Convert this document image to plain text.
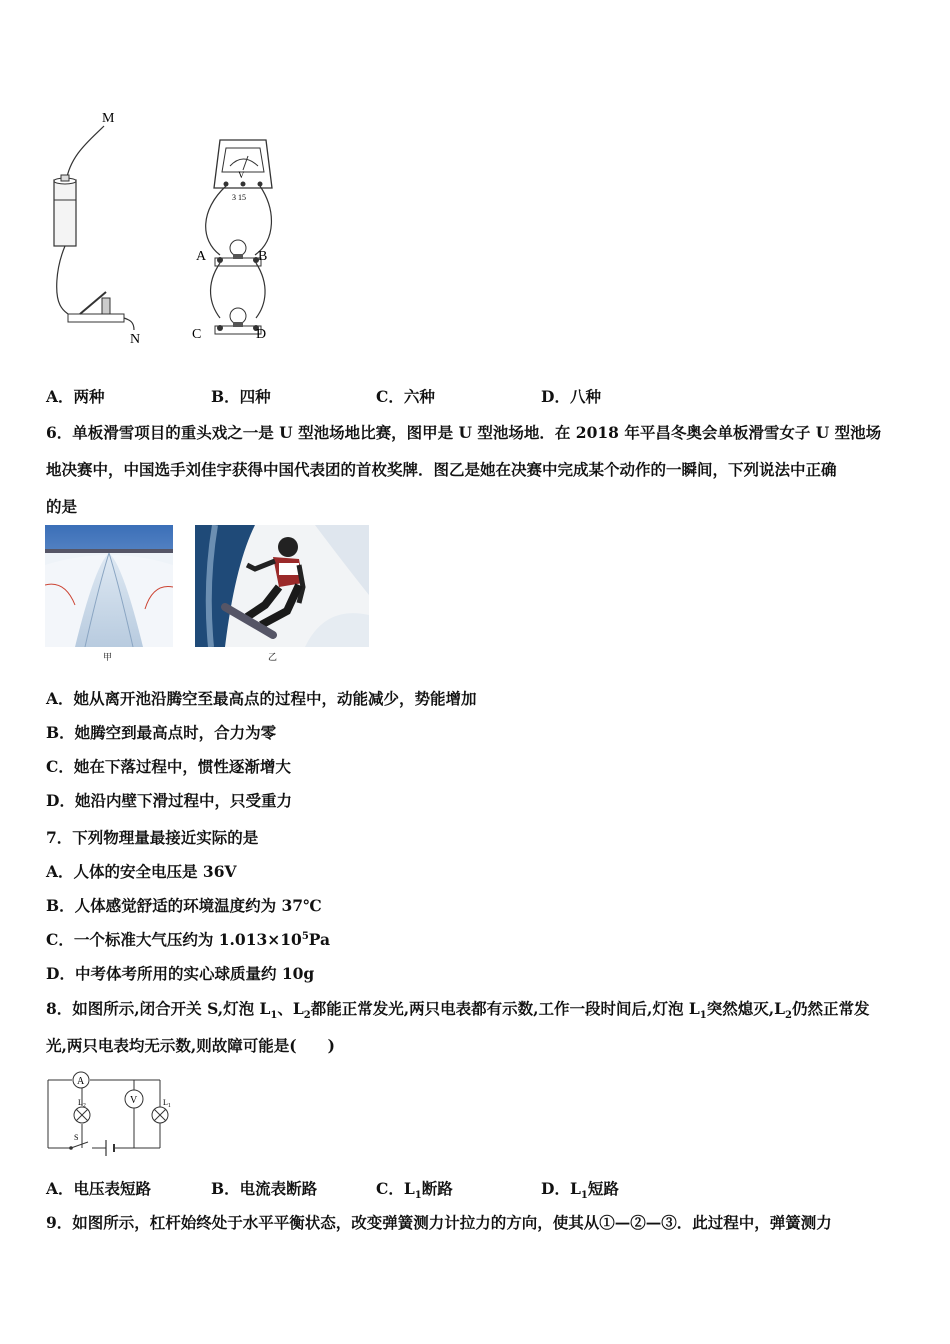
M
N
V
3 15
A	B
C	D
A．两种	B．四种	C．六种	D．八种
6．单板滑雪项目的重头戏之一是 U 型池场地比赛，图甲是 U 型池场地．在 2018 年平昌冬奥会单板滑雪女子 U 型池场
地决赛中，中国选手刘佳宇获得中国代表团的首枚奖牌．图乙是她在决赛中完成某个动作的一瞬间，下列说法中正确
的是
甲	乙
A．她从离开池沿腾空至最高点的过程中，动能减少，势能增加
B．她腾空到最高点时，合力为零
C．她在下落过程中，惯性逐渐增大
D．她沿内壁下滑过程中，只受重力
7．下列物理量最接近实际的是
A．人体的安全电压是 36V
B．人体感觉舒适的环境温度约为 37℃
C．一个标准大气压约为 $1.013\times 10^5Pa$
D．中考体考所用的实心球质量约 10g
8．如图所示,闭合开关 S,灯泡 $L_1$、$L_2$都能正常发光,两只电表都有示数,工作一段时间后,灯泡 $L_1$突然熄灭$,L_2$仍然正常发
光,两只电表均无示数,则故障可能是(　　)
A
V
$L_2$	$L_1$
S
A．电压表短路	B．电流表断路	C．$L_1$断路	D．$L_1$短路
9．如图所示，杠杆始终处于水平平衡状态，改变弹簧测力计拉力的方向，使其从①—②—③．此过程中，弹簧测力
